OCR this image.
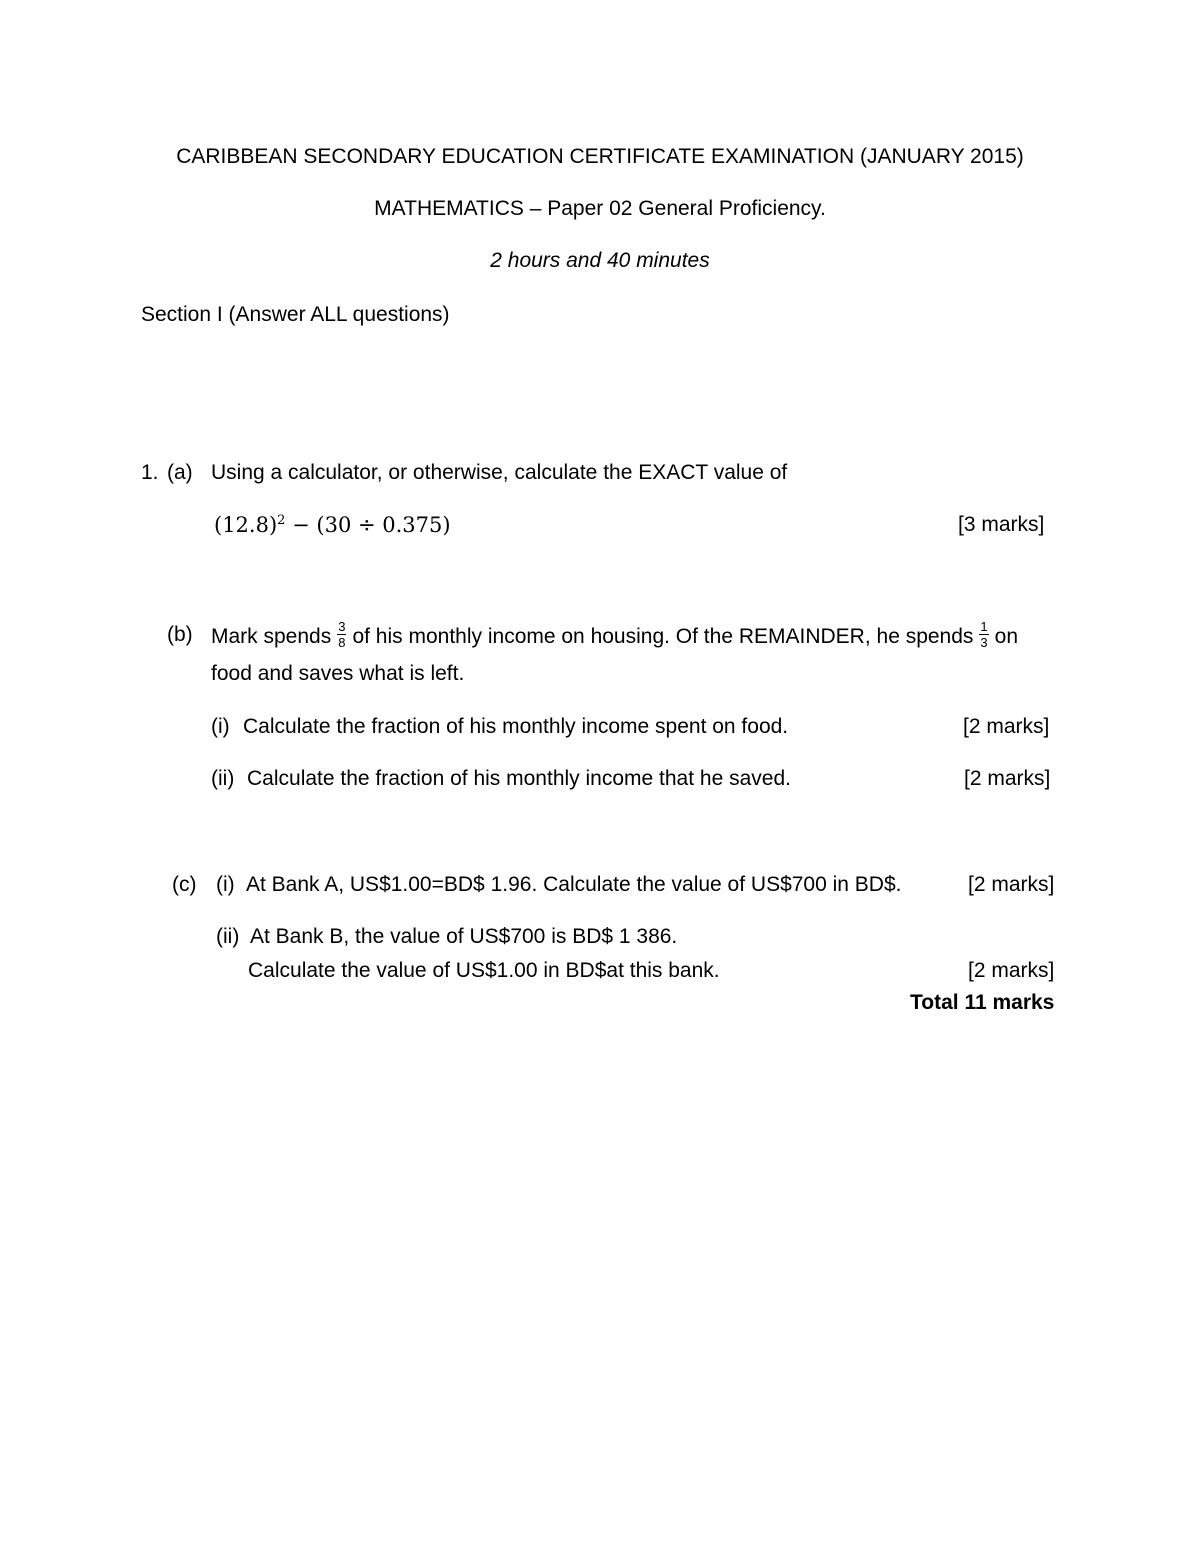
CARIBBEAN SECONDARY EDUCATION CERTIFICATE EXAMINATION (JANUARY 2015)
MATHEMATICS – Paper 02 General Proficiency.
2 hours and 40 minutes
Section I (Answer ALL questions)
1. (a) Using a calculator, or otherwise, calculate the EXACT value of
$(12.8)^2 - (30 \div 0.375)$	[3 marks]
(b) Mark spends $\frac{3}{8}$ of his monthly income on housing. Of the REMAINDER, he spends $\frac{1}{3}$ on
food and saves what is left.
(i) Calculate the fraction of his monthly income spent on food.	[2 marks]
(ii) Calculate the fraction of his monthly income that he saved.	[2 marks]
(c) (i) At Bank A, US$1.00=BD$ 1.96. Calculate the value of US$700 in BD$.	[2 marks]
(ii) At Bank B, the value of US$700 is BD$ 1 386.
Calculate the value of US$1.00 in BD$at this bank.	[2 marks]
Total 11 marks
